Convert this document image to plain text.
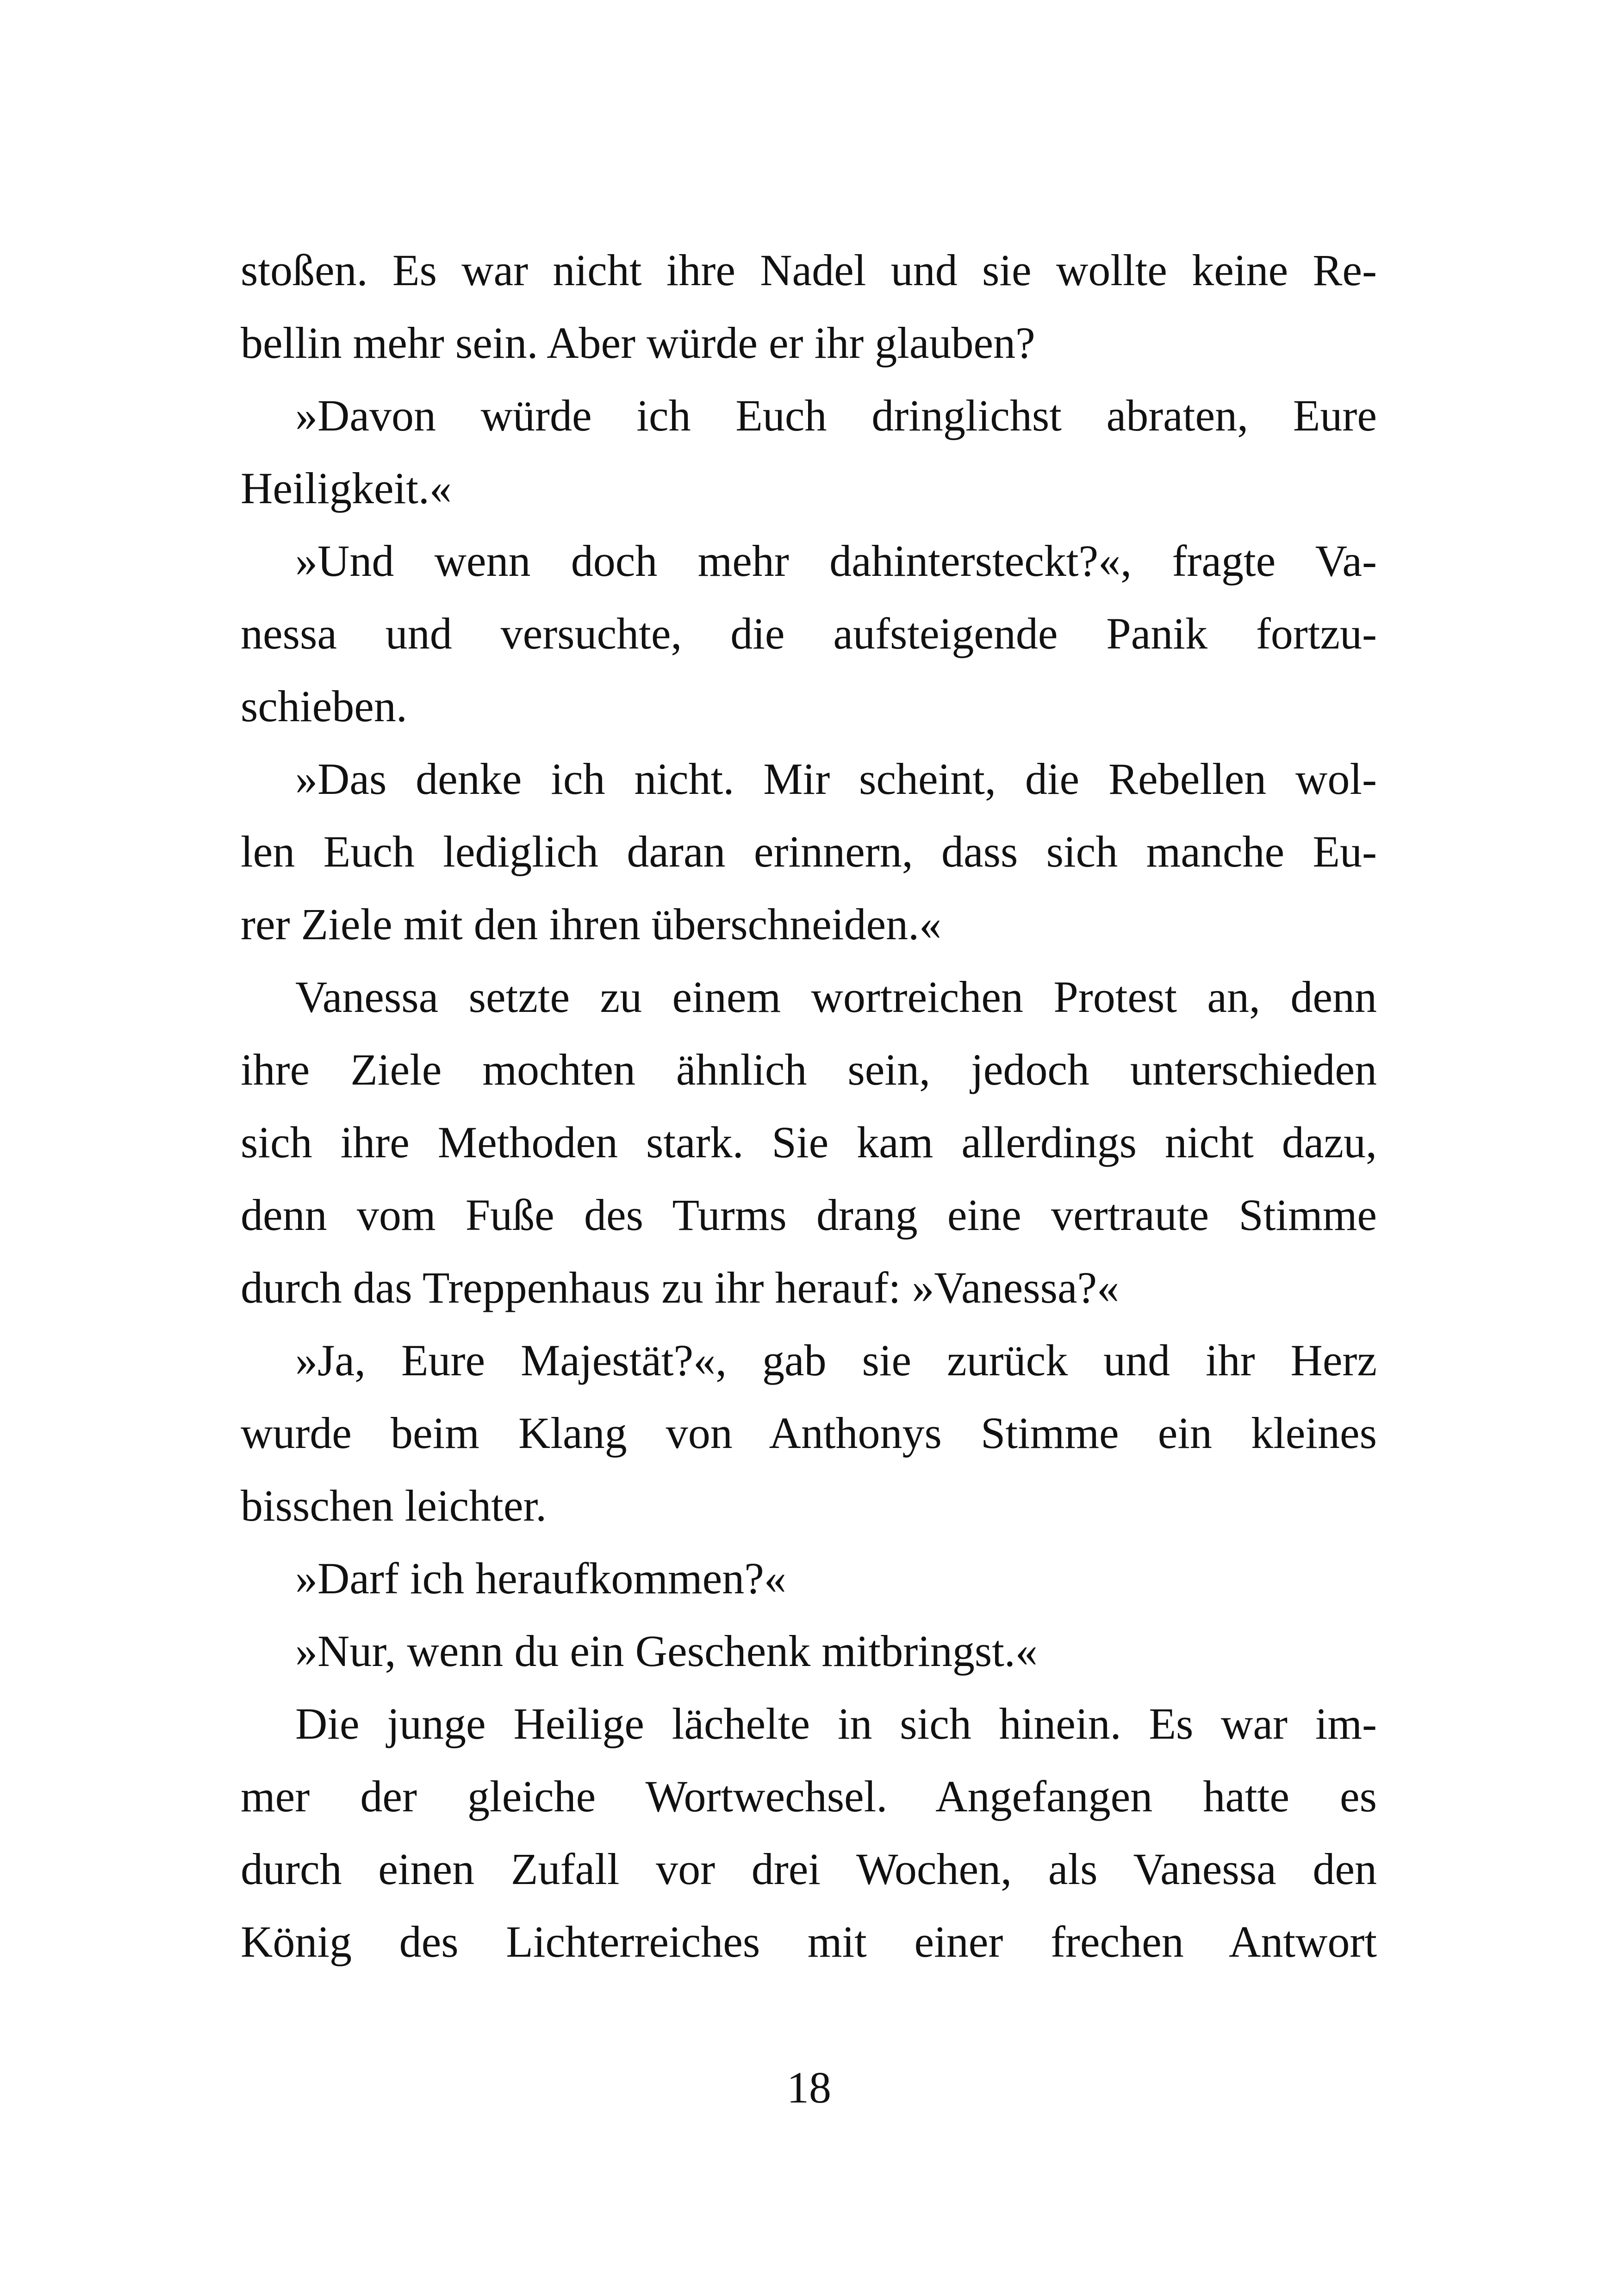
stoßen. Es war nicht ihre Nadel und sie wollte keine Re-
bellin mehr sein. Aber würde er ihr glauben?
»Davon würde ich Euch dringlichst abraten, Eure
Heiligkeit.«
»Und wenn doch mehr dahintersteckt?«, fragte Va-
nessa und versuchte, die aufsteigende Panik fortzu-
schieben.
»Das denke ich nicht. Mir scheint, die Rebellen wol-
len Euch lediglich daran erinnern, dass sich manche Eu-
rer Ziele mit den ihren überschneiden.«
Vanessa setzte zu einem wortreichen Protest an, denn
ihre Ziele mochten ähnlich sein, jedoch unterschieden
sich ihre Methoden stark. Sie kam allerdings nicht dazu,
denn vom Fuße des Turms drang eine vertraute Stimme
durch das Treppenhaus zu ihr herauf: »Vanessa?«
»Ja, Eure Majestät?«, gab sie zurück und ihr Herz
wurde beim Klang von Anthonys Stimme ein kleines
bisschen leichter.
»Darf ich heraufkommen?«
»Nur, wenn du ein Geschenk mitbringst.«
Die junge Heilige lächelte in sich hinein. Es war im-
mer der gleiche Wortwechsel. Angefangen hatte es
durch einen Zufall vor drei Wochen, als Vanessa den
König des Lichterreiches mit einer frechen Antwort
18
